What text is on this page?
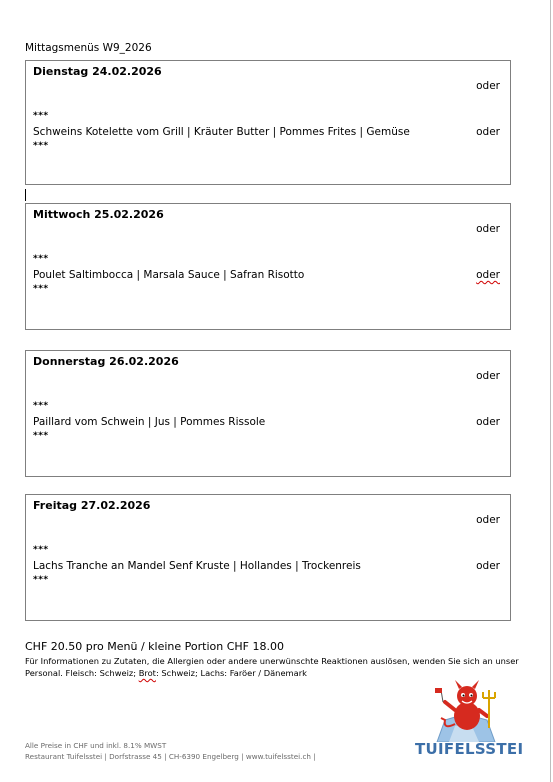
Mittagsmenüs W9_2026
Dienstag 24.02.2026
oder
***
Schweins Kotelette vom Grill | Kräuter Butter | Pommes Frites | Gemüse	oder
***
Mittwoch 25.02.2026
oder
***
Poulet Saltimbocca | Marsala Sauce | Safran Risotto	oder
***
Donnerstag 26.02.2026
oder
***
Paillard vom Schwein | Jus | Pommes Rissole	oder
***
Freitag 27.02.2026
oder
***
Lachs Tranche an Mandel Senf Kruste | Hollandes | Trockenreis	oder
***
CHF 20.50 pro Menü / kleine Portion CHF 18.00
Für Informationen zu Zutaten, die Allergien oder andere unerwünschte Reaktionen auslösen, wenden Sie sich an unser Personal. Fleisch: Schweiz; Brot: Schweiz; Lachs: Faröer / Dänemark
Alle Preise in CHF und inkl. 8.1% MWST
Restaurant Tuifelsstei | Dorfstrasse 45 | CH-6390 Engelberg | www.tuifelsstei.ch |	TUIFELSSTEI
